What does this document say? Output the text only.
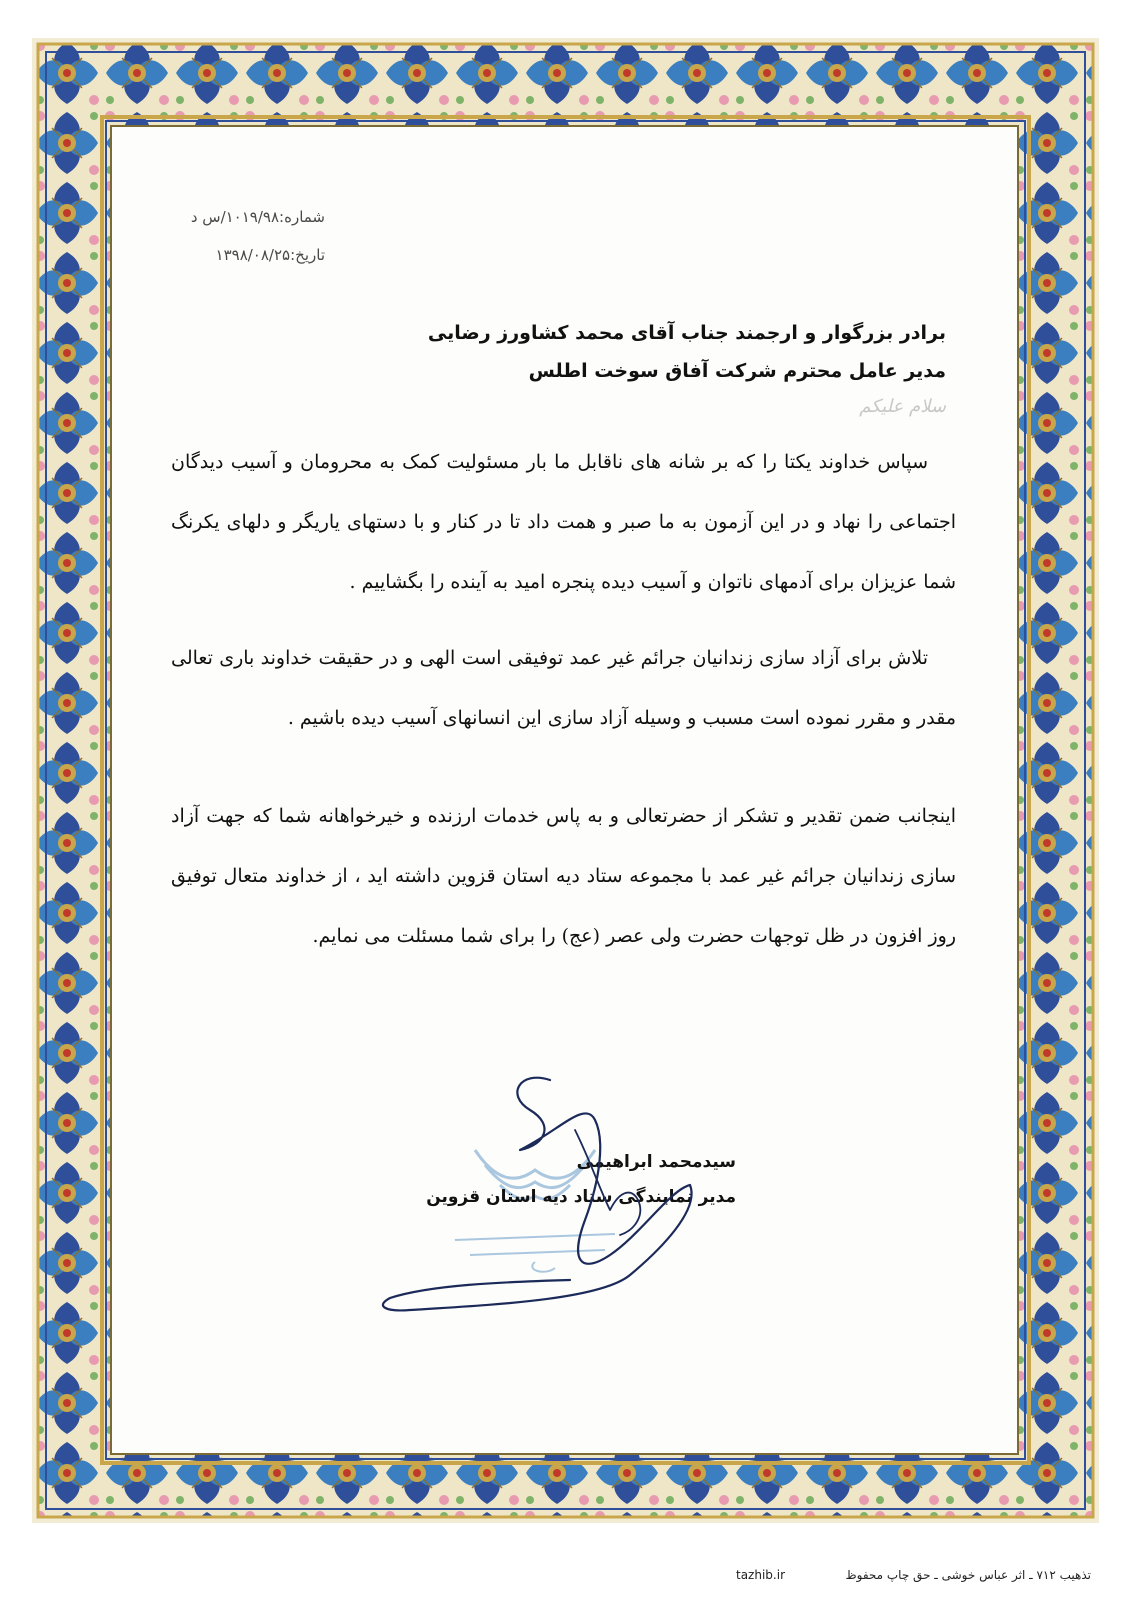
شماره:۱۰۱۹/۹۸/س د
تاریخ:۱۳۹۸/۰۸/۲۵
برادر بزرگوار و ارجمند جناب آقای محمد کشاورز رضایی
مدیر عامل محترم شرکت آفاق سوخت اطلس
سلام علیکم

سپاس خداوند یکتا را که بر شانه های ناقابل ما بار مسئولیت کمک به محرومان و آسیب دیدگان اجتماعی را نهاد و در این آزمون به ما صبر و همت داد تا در کنار و با دستهای یاریگر و دلهای یکرنگ شما عزیزان برای آدمهای ناتوان و آسیب دیده پنجره امید به آینده را بگشاییم .

تلاش برای آزاد سازی زندانیان جرائم غیر عمد توفیقی است الهی و در حقیقت خداوند باری تعالی مقدر و مقرر نموده است مسبب و وسیله آزاد سازی این انسانهای آسیب دیده باشیم .

اینجانب ضمن تقدیر و تشکر از حضرتعالی و به پاس خدمات ارزنده و خیرخواهانه شما که جهت آزاد سازی زندانیان جرائم غیر عمد با مجموعه ستاد دیه استان قزوین داشته اید ، از خداوند متعال توفیق روز افزون در ظل توجهات حضرت ولی عصر (عج) را برای شما مسئلت می نمایم.

سیدمحمد ابراهیمی
مدیر نمایندگی ستاد دیه استان قزوین
tazhib.ir	تذهیب ۷۱۲ ـ اثر عباس خوشی ـ حق چاپ محفوظ
